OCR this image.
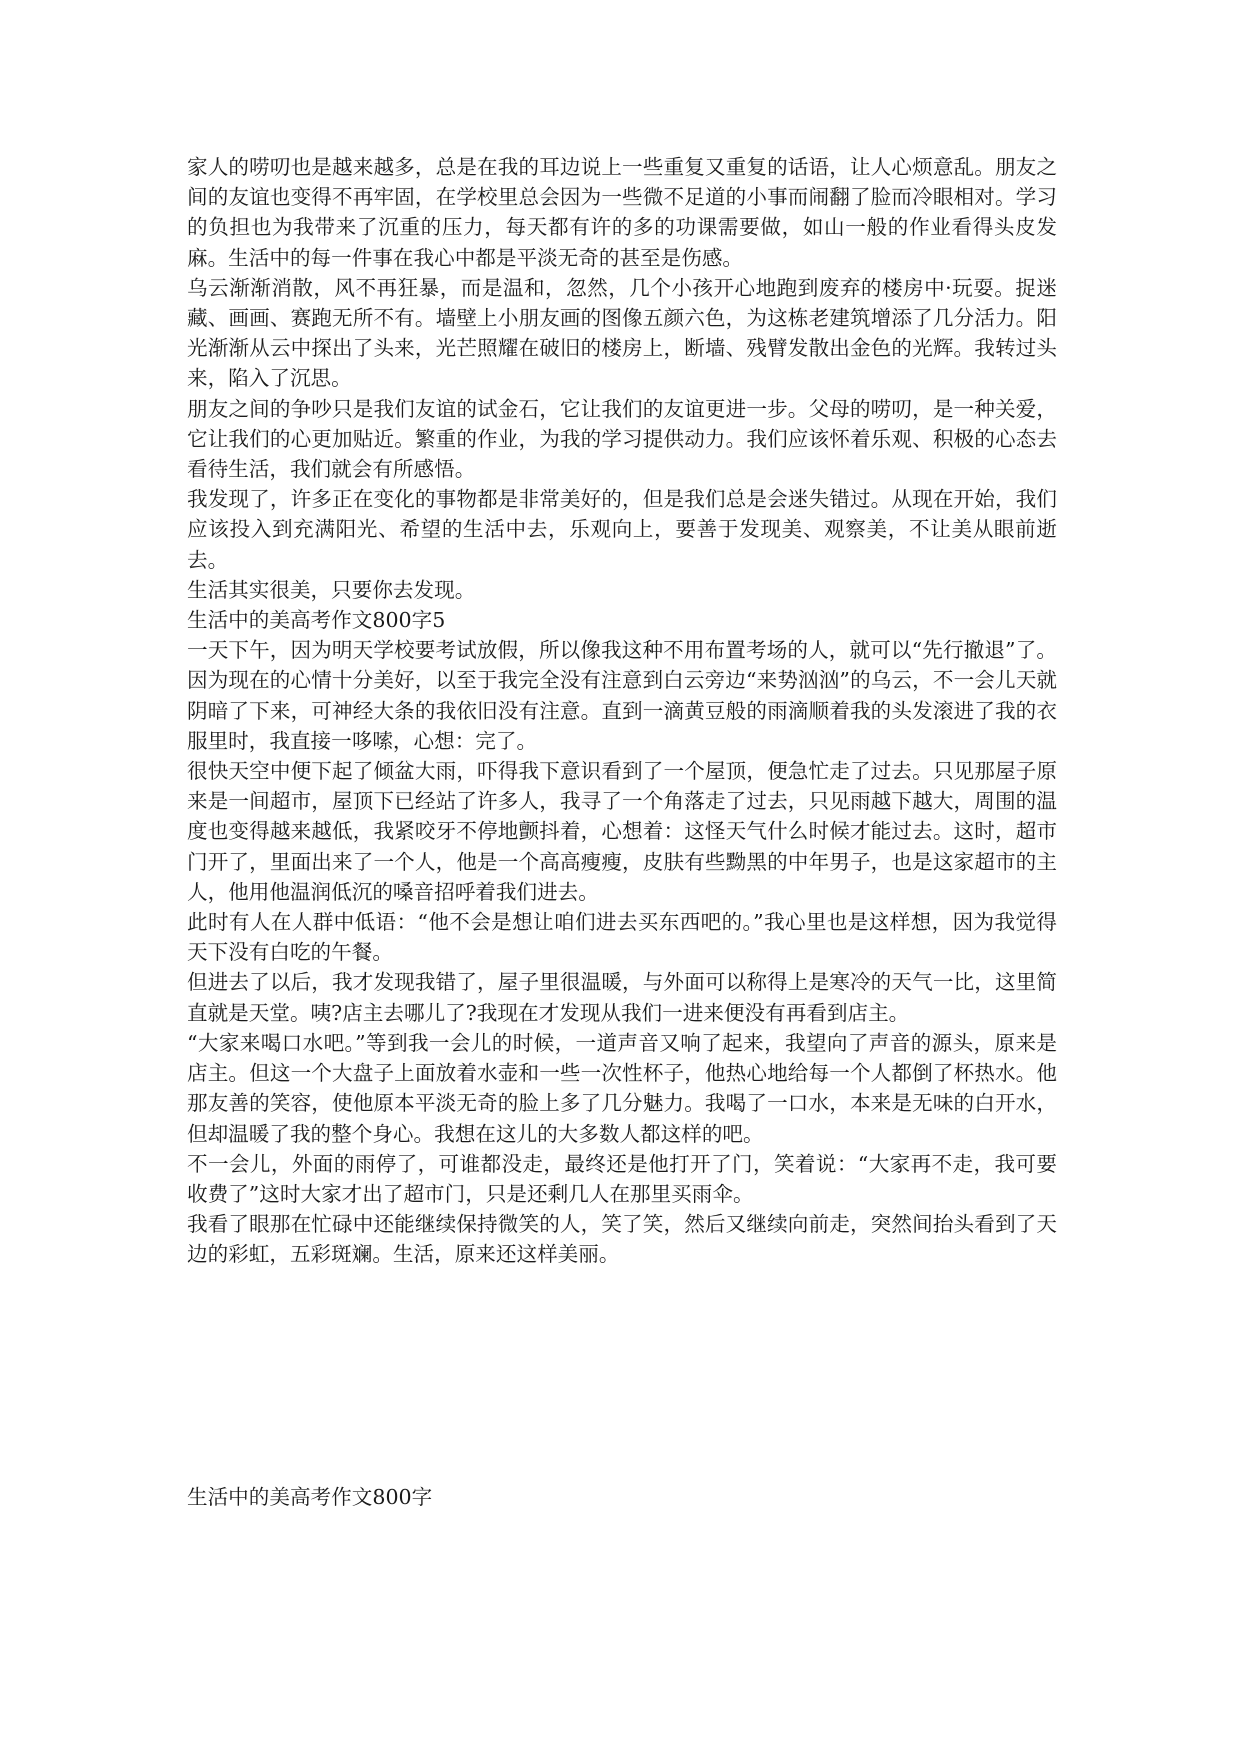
家人的唠叨也是越来越多，总是在我的耳边说上一些重复又重复的话语，让人心烦意乱。朋友之间的友谊也变得不再牢固，在学校里总会因为一些微不足道的小事而闹翻了脸而冷眼相对。学习的负担也为我带来了沉重的压力，每天都有许的多的功课需要做，如山一般的作业看得头皮发麻。生活中的每一件事在我心中都是平淡无奇的甚至是伤感。

乌云渐渐消散，风不再狂暴，而是温和，忽然，几个小孩开心地跑到废弃的楼房中·玩耍。捉迷藏、画画、赛跑无所不有。墙壁上小朋友画的图像五颜六色，为这栋老建筑增添了几分活力。阳光渐渐从云中探出了头来，光芒照耀在破旧的楼房上，断墙、残臂发散出金色的光辉。我转过头来，陷入了沉思。

朋友之间的争吵只是我们友谊的试金石，它让我们的友谊更进一步。父母的唠叨，是一种关爱，它让我们的心更加贴近。繁重的作业，为我的学习提供动力。我们应该怀着乐观、积极的心态去看待生活，我们就会有所感悟。

我发现了，许多正在变化的事物都是非常美好的，但是我们总是会迷失错过。从现在开始，我们应该投入到充满阳光、希望的生活中去，乐观向上，要善于发现美、观察美，不让美从眼前逝去。

生活其实很美，只要你去发现。

生活中的美高考作文800字5

一天下午，因为明天学校要考试放假，所以像我这种不用布置考场的人，就可以“先行撤退”了。因为现在的心情十分美好，以至于我完全没有注意到白云旁边“来势汹汹”的乌云，不一会儿天就阴暗了下来，可神经大条的我依旧没有注意。直到一滴黄豆般的雨滴顺着我的头发滚进了我的衣服里时，我直接一哆嗦，心想：完了。

很快天空中便下起了倾盆大雨，吓得我下意识看到了一个屋顶，便急忙走了过去。只见那屋子原来是一间超市，屋顶下已经站了许多人，我寻了一个角落走了过去，只见雨越下越大，周围的温度也变得越来越低，我紧咬牙不停地颤抖着，心想着：这怪天气什么时候才能过去。这时，超市门开了，里面出来了一个人，他是一个高高瘦瘦，皮肤有些黝黑的中年男子，也是这家超市的主人，他用他温润低沉的嗓音招呼着我们进去。

此时有人在人群中低语：“他不会是想让咱们进去买东西吧的。”我心里也是这样想，因为我觉得天下没有白吃的午餐。

但进去了以后，我才发现我错了，屋子里很温暖，与外面可以称得上是寒冷的天气一比，这里简直就是天堂。咦?店主去哪儿了?我现在才发现从我们一进来便没有再看到店主。

“大家来喝口水吧。”等到我一会儿的时候，一道声音又响了起来，我望向了声音的源头，原来是店主。但这一个大盘子上面放着水壶和一些一次性杯子，他热心地给每一个人都倒了杯热水。他那友善的笑容，使他原本平淡无奇的脸上多了几分魅力。我喝了一口水，本来是无味的白开水，但却温暖了我的整个身心。我想在这儿的大多数人都这样的吧。

不一会儿，外面的雨停了，可谁都没走，最终还是他打开了门，笑着说：“大家再不走，我可要收费了”这时大家才出了超市门，只是还剩几人在那里买雨伞。

我看了眼那在忙碌中还能继续保持微笑的人，笑了笑，然后又继续向前走，突然间抬头看到了天边的彩虹，五彩斑斓。生活，原来还这样美丽。

生活中的美高考作文800字
